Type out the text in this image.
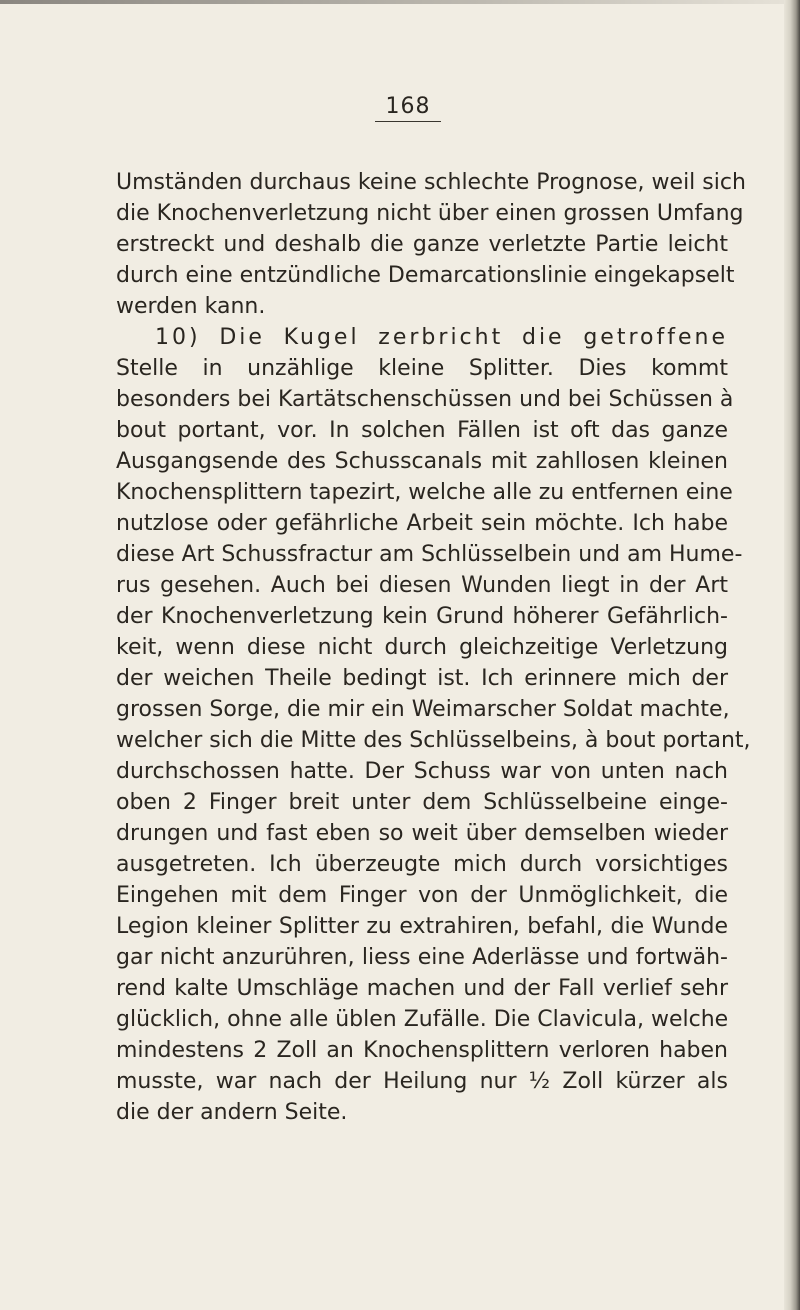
168
Umständen durchaus keine schlechte Prognose, weil sich
die Knochenverletzung nicht über einen grossen Umfang
erstreckt und deshalb die ganze verletzte Partie leicht
durch eine entzündliche Demarcationslinie eingekapselt
werden kann.
10) Die Kugel zerbricht die getroffene
Stelle in unzählige kleine Splitter. Dies kommt
besonders bei Kartätschenschüssen und bei Schüssen à
bout portant, vor. In solchen Fällen ist oft das ganze
Ausgangsende des Schusscanals mit zahllosen kleinen
Knochensplittern tapezirt, welche alle zu entfernen eine
nutzlose oder gefährliche Arbeit sein möchte. Ich habe
diese Art Schussfractur am Schlüsselbein und am Hume-
rus gesehen. Auch bei diesen Wunden liegt in der Art
der Knochenverletzung kein Grund höherer Gefährlich-
keit, wenn diese nicht durch gleichzeitige Verletzung
der weichen Theile bedingt ist. Ich erinnere mich der
grossen Sorge, die mir ein Weimarscher Soldat machte,
welcher sich die Mitte des Schlüsselbeins, à bout portant,
durchschossen hatte. Der Schuss war von unten nach
oben 2 Finger breit unter dem Schlüsselbeine einge-
drungen und fast eben so weit über demselben wieder
ausgetreten. Ich überzeugte mich durch vorsichtiges
Eingehen mit dem Finger von der Unmöglichkeit, die
Legion kleiner Splitter zu extrahiren, befahl, die Wunde
gar nicht anzurühren, liess eine Aderlässe und fortwäh-
rend kalte Umschläge machen und der Fall verlief sehr
glücklich, ohne alle üblen Zufälle. Die Clavicula, welche
mindestens 2 Zoll an Knochensplittern verloren haben
musste, war nach der Heilung nur ½ Zoll kürzer als
die der andern Seite.
